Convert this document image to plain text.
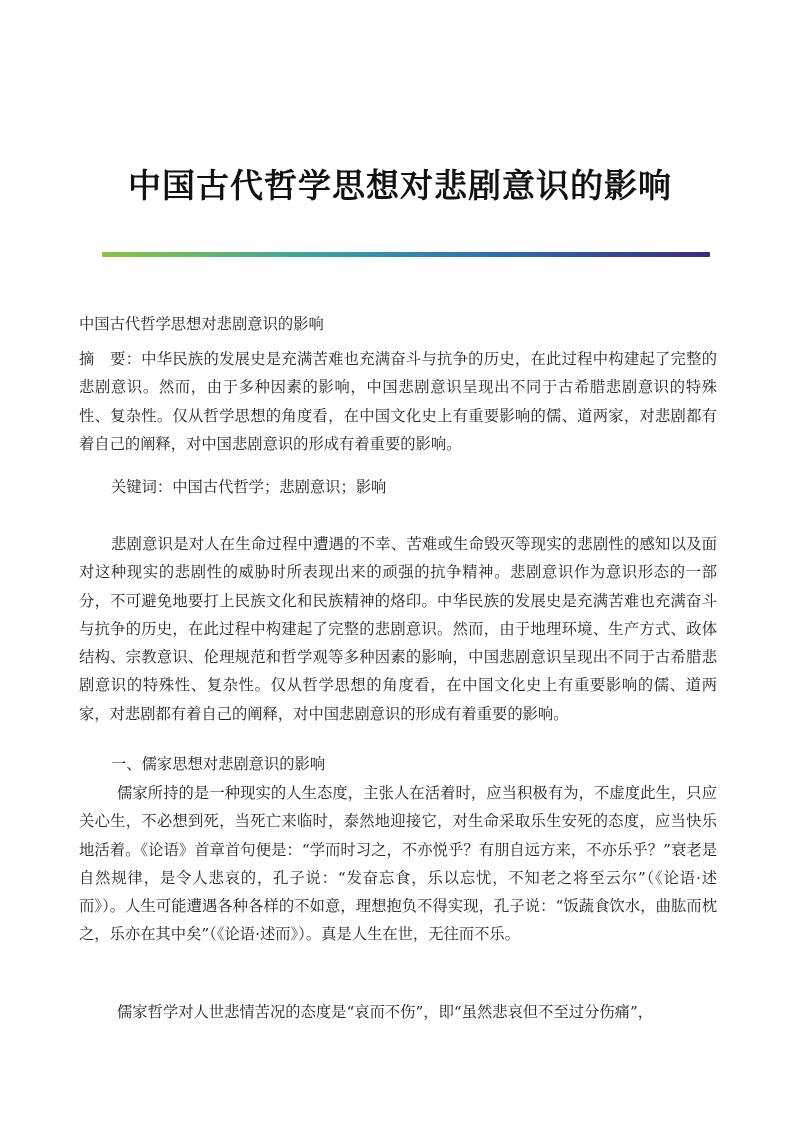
中国古代哲学思想对悲剧意识的影响

中国古代哲学思想对悲剧意识的影响

摘　要：中华民族的发展史是充满苦难也充满奋斗与抗争的历史，在此过程中构建起了完整的悲剧意识。然而，由于多种因素的影响，中国悲剧意识呈现出不同于古希腊悲剧意识的特殊性、复杂性。仅从哲学思想的角度看，在中国文化史上有重要影响的儒、道两家，对悲剧都有着自己的阐释，对中国悲剧意识的形成有着重要的影响。

关键词：中国古代哲学；悲剧意识；影响

悲剧意识是对人在生命过程中遭遇的不幸、苦难或生命毁灭等现实的悲剧性的感知以及面对这种现实的悲剧性的威胁时所表现出来的顽强的抗争精神。悲剧意识作为意识形态的一部分，不可避免地要打上民族文化和民族精神的烙印。中华民族的发展史是充满苦难也充满奋斗与抗争的历史，在此过程中构建起了完整的悲剧意识。然而，由于地理环境、生产方式、政体结构、宗教意识、伦理规范和哲学观等多种因素的影响，中国悲剧意识呈现出不同于古希腊悲剧意识的特殊性、复杂性。仅从哲学思想的角度看，在中国文化史上有重要影响的儒、道两家，对悲剧都有着自己的阐释，对中国悲剧意识的形成有着重要的影响。

一、儒家思想对悲剧意识的影响

儒家所持的是一种现实的人生态度，主张人在活着时，应当积极有为，不虚度此生，只应关心生，不必想到死，当死亡来临时，泰然地迎接它，对生命采取乐生安死的态度，应当快乐地活着。《论语》首章首句便是：“学而时习之，不亦悦乎？有朋自远方来，不亦乐乎？”衰老是自然规律，是令人悲哀的，孔子说：“发奋忘食，乐以忘忧，不知老之将至云尔”（《论语·述而》）。人生可能遭遇各种各样的不如意，理想抱负不得实现，孔子说：“饭蔬食饮水，曲肱而枕之，乐亦在其中矣”（《论语·述而》）。真是人生在世，无往而不乐。

儒家哲学对人世悲情苦况的态度是“哀而不伤”，即“虽然悲哀但不至过分伤痛”，
